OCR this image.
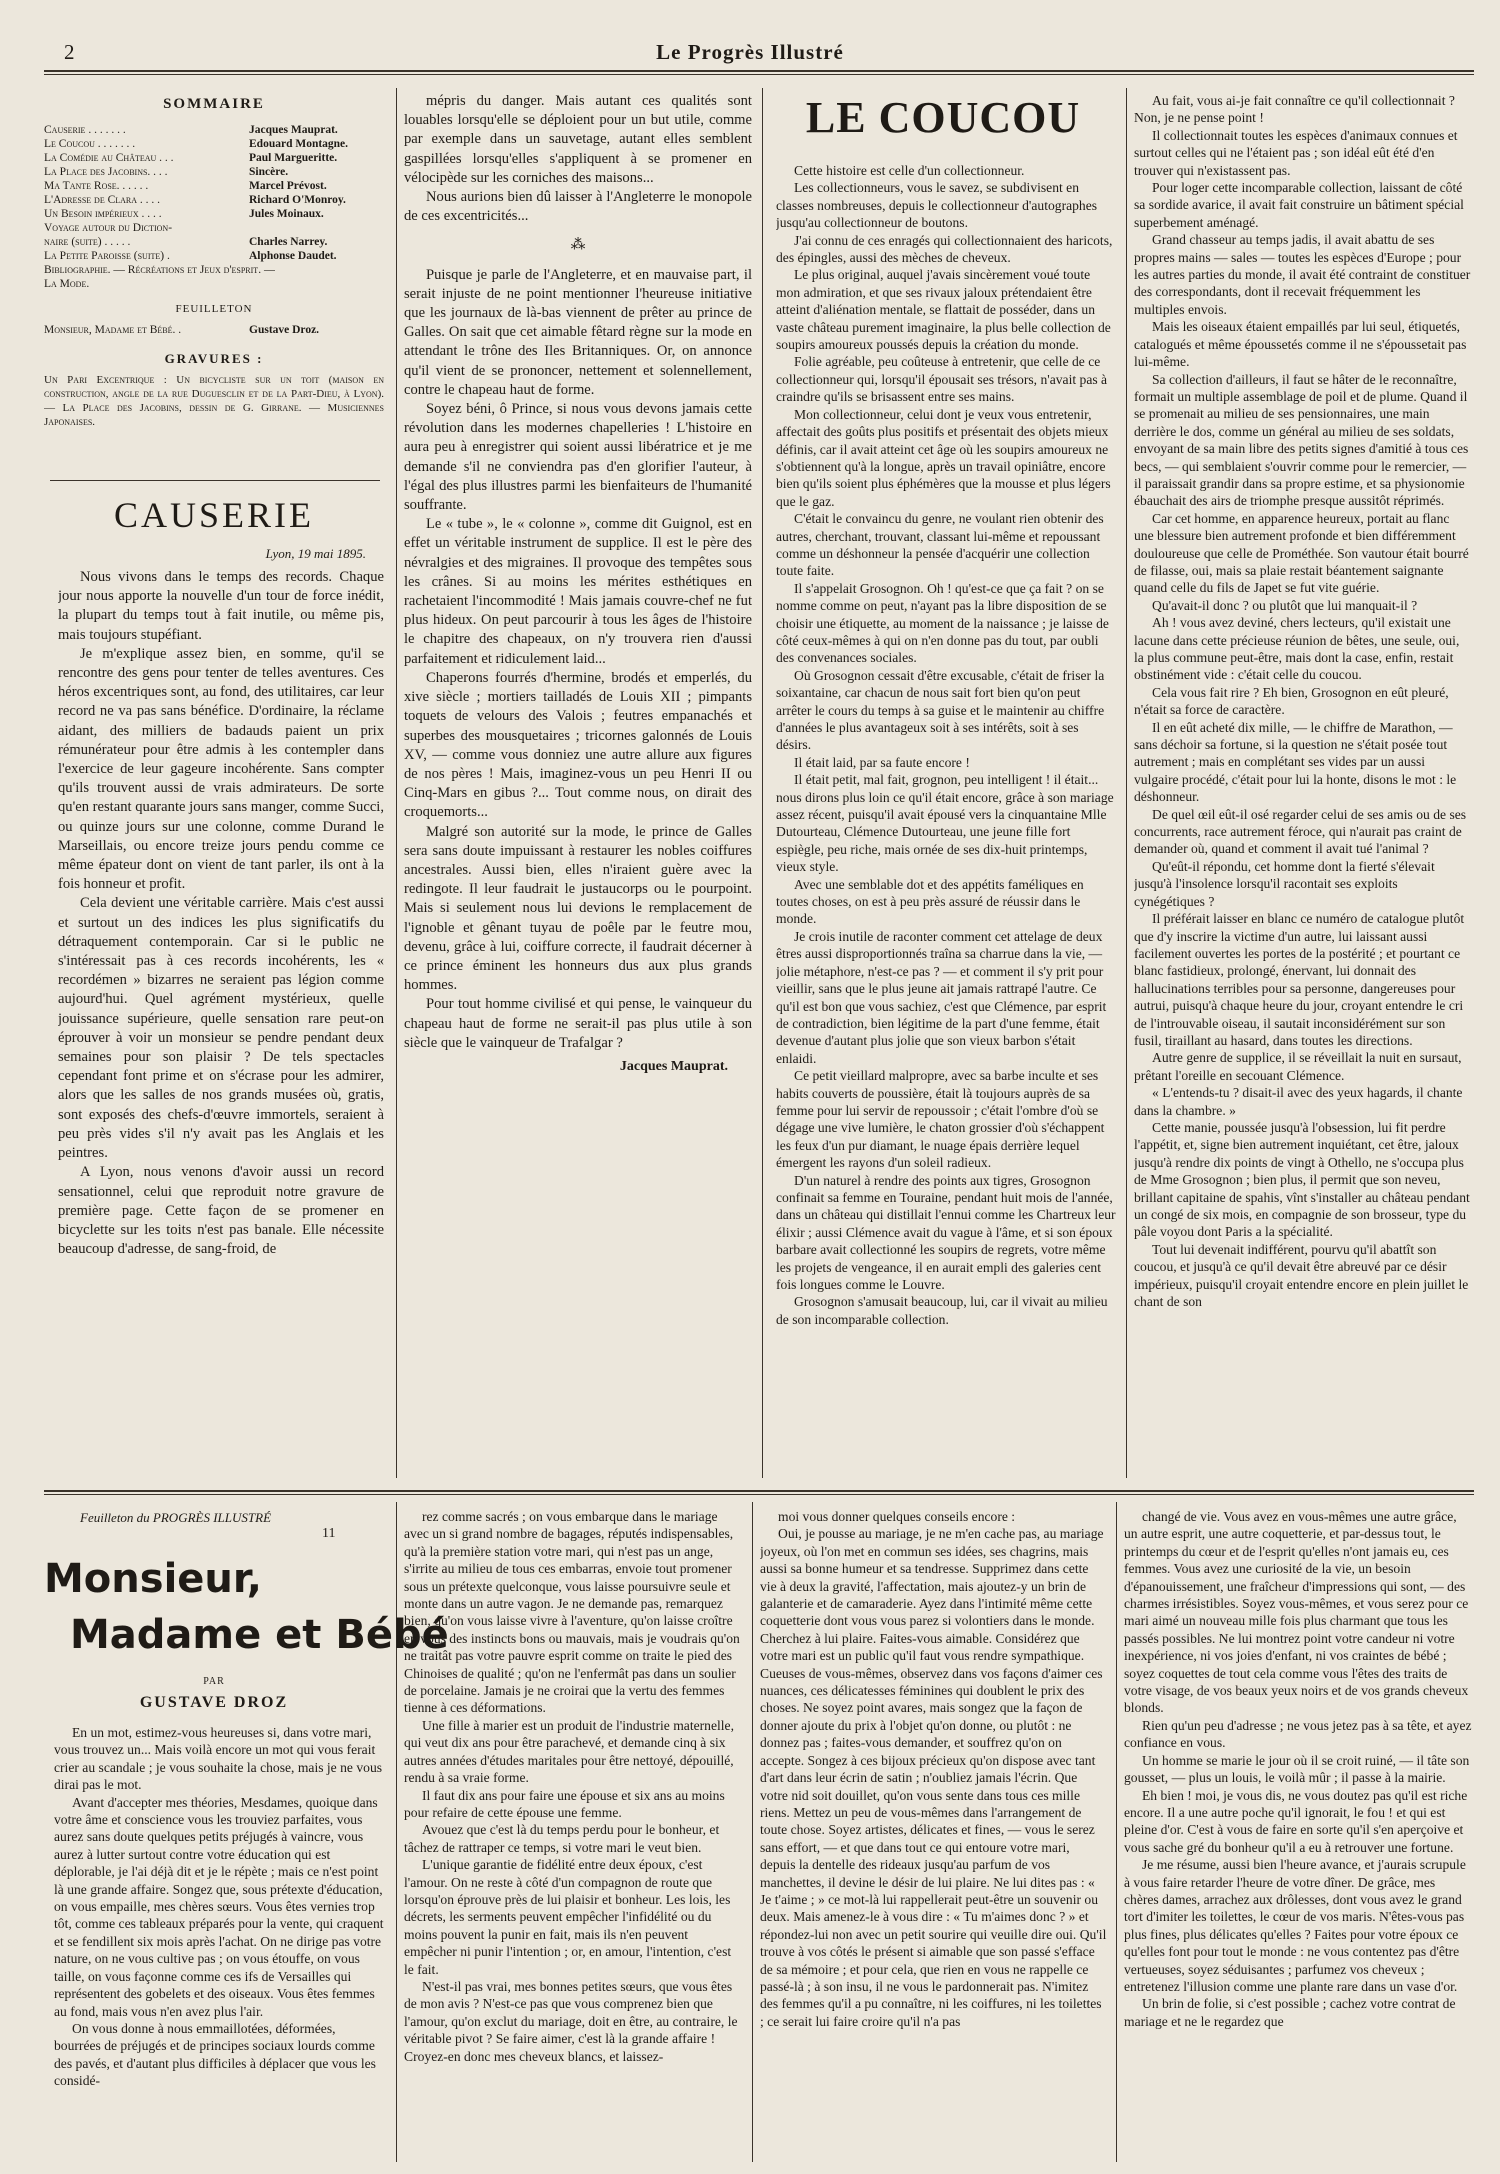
2	Le Progrès Illustré
SOMMAIRE
Causerie . . . . . . .	Jacques Mauprat.
Le Coucou . . . . . . .	Edouard Montagne.
La Comédie au Château . . .	Paul Margueritte.
La Place des Jacobins. . . .	Sincère.
Ma Tante Rose. . . . . .	Marcel Prévost.
L'Adresse de Clara . . . .	Richard O'Monroy.
Un Besoin impérieux . . . .	Jules Moinaux.
Voyage autour du Diction-
naire (suite) . . . . .	Charles Narrey.
La Petite Paroisse (suite) .	Alphonse Daudet.
Bibliographie. — Récréations et Jeux d'esprit. —
La Mode.
FEUILLETON
Monsieur, Madame et Bébé. .	Gustave Droz.
GRAVURES :
Un Pari Excentrique : Un bicycliste sur un toit (maison en construction, angle de la rue Duguesclin et de la Part-Dieu, à Lyon). — La Place des Jacobins, dessin de G. Girrane. — Musiciennes Japonaises.
CAUSERIE
Lyon, 19 mai 1895.

Nous vivons dans le temps des records. Chaque jour nous apporte la nouvelle d'un tour de force inédit, la plupart du temps tout à fait inutile, ou même pis, mais toujours stupéfiant.

Je m'explique assez bien, en somme, qu'il se rencontre des gens pour tenter de telles aventures. Ces héros excentriques sont, au fond, des utilitaires, car leur record ne va pas sans bénéfice. D'ordinaire, la réclame aidant, des milliers de badauds paient un prix rémunérateur pour être admis à les contempler dans l'exercice de leur gageure incohérente. Sans compter qu'ils trouvent aussi de vrais admirateurs. De sorte qu'en restant quarante jours sans manger, comme Succi, ou quinze jours sur une colonne, comme Durand le Marseillais, ou encore treize jours pendu comme ce même épateur dont on vient de tant parler, ils ont à la fois honneur et profit.

Cela devient une véritable carrière. Mais c'est aussi et surtout un des indices les plus significatifs du détraquement contemporain. Car si le public ne s'intéressait pas à ces records incohérents, les « recordémen » bizarres ne seraient pas légion comme aujourd'hui. Quel agrément mystérieux, quelle jouissance supérieure, quelle sensation rare peut-on éprouver à voir un monsieur se pendre pendant deux semaines pour son plaisir ? De tels spectacles cependant font prime et on s'écrase pour les admirer, alors que les salles de nos grands musées où, gratis, sont exposés des chefs-d'œuvre immortels, seraient à peu près vides s'il n'y avait pas les Anglais et les peintres.

A Lyon, nous venons d'avoir aussi un record sensationnel, celui que reproduit notre gravure de première page. Cette façon de se promener en bicyclette sur les toits n'est pas banale. Elle nécessite beaucoup d'adresse, de sang-froid, de

mépris du danger. Mais autant ces qualités sont louables lorsqu'elle se déploient pour un but utile, comme par exemple dans un sauvetage, autant elles semblent gaspillées lorsqu'elles s'appliquent à se promener en vélocipède sur les corniches des maisons...

Nous aurions bien dû laisser à l'Angleterre le monopole de ces excentricités...

⁂

Puisque je parle de l'Angleterre, et en mauvaise part, il serait injuste de ne point mentionner l'heureuse initiative que les journaux de là-bas viennent de prêter au prince de Galles. On sait que cet aimable fêtard règne sur la mode en attendant le trône des Iles Britanniques. Or, on annonce qu'il vient de se prononcer, nettement et solennellement, contre le chapeau haut de forme.

Soyez béni, ô Prince, si nous vous devons jamais cette révolution dans les modernes chapelleries ! L'histoire en aura peu à enregistrer qui soient aussi libératrice et je me demande s'il ne conviendra pas d'en glorifier l'auteur, à l'égal des plus illustres parmi les bienfaiteurs de l'humanité souffrante.

Le « tube », le « colonne », comme dit Guignol, est en effet un véritable instrument de supplice. Il est le père des névralgies et des migraines. Il provoque des tempêtes sous les crânes. Si au moins les mérites esthétiques en rachetaient l'incommodité ! Mais jamais couvre-chef ne fut plus hideux. On peut parcourir à tous les âges de l'histoire le chapitre des chapeaux, on n'y trouvera rien d'aussi parfaitement et ridiculement laid...

Chaperons fourrés d'hermine, brodés et emperlés, du xive siècle ; mortiers tailladés de Louis XII ; pimpants toquets de velours des Valois ; feutres empanachés et superbes des mousquetaires ; tricornes galonnés de Louis XV, — comme vous donniez une autre allure aux figures de nos pères ! Mais, imaginez-vous un peu Henri II ou Cinq-Mars en gibus ?... Tout comme nous, on dirait des croquemorts...

Malgré son autorité sur la mode, le prince de Galles sera sans doute impuissant à restaurer les nobles coiffures ancestrales. Aussi bien, elles n'iraient guère avec la redingote. Il leur faudrait le justaucorps ou le pourpoint. Mais si seulement nous lui devions le remplacement de l'ignoble et gênant tuyau de poêle par le feutre mou, devenu, grâce à lui, coiffure correcte, il faudrait décerner à ce prince éminent les honneurs dus aux plus grands hommes.

Pour tout homme civilisé et qui pense, le vainqueur du chapeau haut de forme ne serait-il pas plus utile à son siècle que le vainqueur de Trafalgar ?

Jacques Mauprat.
LE COUCOU

Cette histoire est celle d'un collectionneur.

Les collectionneurs, vous le savez, se subdivisent en classes nombreuses, depuis le collectionneur d'autographes jusqu'au collectionneur de boutons.

J'ai connu de ces enragés qui collectionnaient des haricots, des épingles, aussi des mèches de cheveux.

Le plus original, auquel j'avais sincèrement voué toute mon admiration, et que ses rivaux jaloux prétendaient être atteint d'aliénation mentale, se flattait de posséder, dans un vaste château purement imaginaire, la plus belle collection de soupirs amoureux poussés depuis la création du monde.

Folie agréable, peu coûteuse à entretenir, que celle de ce collectionneur qui, lorsqu'il épousait ses trésors, n'avait pas à craindre qu'ils se brisassent entre ses mains.

Mon collectionneur, celui dont je veux vous entretenir, affectait des goûts plus positifs et présentait des objets mieux définis, car il avait atteint cet âge où les soupirs amoureux ne s'obtiennent qu'à la longue, après un travail opiniâtre, encore bien qu'ils soient plus éphémères que la mousse et plus légers que le gaz.

C'était le convaincu du genre, ne voulant rien obtenir des autres, cherchant, trouvant, classant lui-même et repoussant comme un déshonneur la pensée d'acquérir une collection toute faite.

Il s'appelait Grosognon. Oh ! qu'est-ce que ça fait ? on se nomme comme on peut, n'ayant pas la libre disposition de se choisir une étiquette, au moment de la naissance ; je laisse de côté ceux-mêmes à qui on n'en donne pas du tout, par oubli des convenances sociales.

Où Grosognon cessait d'être excusable, c'était de friser la soixantaine, car chacun de nous sait fort bien qu'on peut arrêter le cours du temps à sa guise et le maintenir au chiffre d'années le plus avantageux soit à ses intérêts, soit à ses désirs.

Il était laid, par sa faute encore !

Il était petit, mal fait, grognon, peu intelligent ! il était... nous dirons plus loin ce qu'il était encore, grâce à son mariage assez récent, puisqu'il avait épousé vers la cinquantaine Mlle Dutourteau, Clémence Dutourteau, une jeune fille fort espiègle, peu riche, mais ornée de ses dix-huit printemps, vieux style.

Avec une semblable dot et des appétits faméliques en toutes choses, on est à peu près assuré de réussir dans le monde.

Je crois inutile de raconter comment cet attelage de deux êtres aussi disproportionnés traîna sa charrue dans la vie, — jolie métaphore, n'est-ce pas ? — et comment il s'y prit pour vieillir, sans que le plus jeune ait jamais rattrapé l'autre. Ce qu'il est bon que vous sachiez, c'est que Clémence, par esprit de contradiction, bien légitime de la part d'une femme, était devenue d'autant plus jolie que son vieux barbon s'était enlaidi.

Ce petit vieillard malpropre, avec sa barbe inculte et ses habits couverts de poussière, était là toujours auprès de sa femme pour lui servir de repoussoir ; c'était l'ombre d'où se dégage une vive lumière, le chaton grossier d'où s'échappent les feux d'un pur diamant, le nuage épais derrière lequel émergent les rayons d'un soleil radieux.

D'un naturel à rendre des points aux tigres, Grosognon confinait sa femme en Touraine, pendant huit mois de l'année, dans un château qui distillait l'ennui comme les Chartreux leur élixir ; aussi Clémence avait du vague à l'âme, et si son époux barbare avait collectionné les soupirs de regrets, votre même les projets de vengeance, il en aurait empli des galeries cent fois longues comme le Louvre.

Grosognon s'amusait beaucoup, lui, car il vivait au milieu de son incomparable collection.

Au fait, vous ai-je fait connaître ce qu'il collectionnait ? Non, je ne pense point !

Il collectionnait toutes les espèces d'animaux connues et surtout celles qui ne l'étaient pas ; son idéal eût été d'en trouver qui n'existassent pas.

Pour loger cette incomparable collection, laissant de côté sa sordide avarice, il avait fait construire un bâtiment spécial superbement aménagé.

Grand chasseur au temps jadis, il avait abattu de ses propres mains — sales — toutes les espèces d'Europe ; pour les autres parties du monde, il avait été contraint de constituer des correspondants, dont il recevait fréquemment les multiples envois.

Mais les oiseaux étaient empaillés par lui seul, étiquetés, catalogués et même époussetés comme il ne s'époussetait pas lui-même.

Sa collection d'ailleurs, il faut se hâter de le reconnaître, formait un multiple assemblage de poil et de plume. Quand il se promenait au milieu de ses pensionnaires, une main derrière le dos, comme un général au milieu de ses soldats, envoyant de sa main libre des petits signes d'amitié à tous ces becs, — qui semblaient s'ouvrir comme pour le remercier, — il paraissait grandir dans sa propre estime, et sa physionomie ébauchait des airs de triomphe presque aussitôt réprimés.

Car cet homme, en apparence heureux, portait au flanc une blessure bien autrement profonde et bien différemment douloureuse que celle de Prométhée. Son vautour était bourré de filasse, oui, mais sa plaie restait béantement saignante quand celle du fils de Japet se fut vite guérie.

Qu'avait-il donc ? ou plutôt que lui manquait-il ?

Ah ! vous avez deviné, chers lecteurs, qu'il existait une lacune dans cette précieuse réunion de bêtes, une seule, oui, la plus commune peut-être, mais dont la case, enfin, restait obstinément vide : c'était celle du coucou.

Cela vous fait rire ? Eh bien, Grosognon en eût pleuré, n'était sa force de caractère.

Il en eût acheté dix mille, — le chiffre de Marathon, — sans déchoir sa fortune, si la question ne s'était posée tout autrement ; mais en complétant ses vides par un aussi vulgaire procédé, c'était pour lui la honte, disons le mot : le déshonneur.

De quel œil eût-il osé regarder celui de ses amis ou de ses concurrents, race autrement féroce, qui n'aurait pas craint de demander où, quand et comment il avait tué l'animal ?

Qu'eût-il répondu, cet homme dont la fierté s'élevait jusqu'à l'insolence lorsqu'il racontait ses exploits cynégétiques ?

Il préférait laisser en blanc ce numéro de catalogue plutôt que d'y inscrire la victime d'un autre, lui laissant aussi facilement ouvertes les portes de la postérité ; et pourtant ce blanc fastidieux, prolongé, énervant, lui donnait des hallucinations terribles pour sa personne, dangereuses pour autrui, puisqu'à chaque heure du jour, croyant entendre le cri de l'introuvable oiseau, il sautait inconsidérément sur son fusil, tiraillant au hasard, dans toutes les directions.

Autre genre de supplice, il se réveillait la nuit en sursaut, prêtant l'oreille en secouant Clémence.

« L'entends-tu ? disait-il avec des yeux hagards, il chante dans la chambre. »

Cette manie, poussée jusqu'à l'obsession, lui fit perdre l'appétit, et, signe bien autrement inquiétant, cet être, jaloux jusqu'à rendre dix points de vingt à Othello, ne s'occupa plus de Mme Grosognon ; bien plus, il permit que son neveu, brillant capitaine de spahis, vînt s'installer au château pendant un congé de six mois, en compagnie de son brosseur, type du pâle voyou dont Paris a la spécialité.

Tout lui devenait indifférent, pourvu qu'il abattît son coucou, et jusqu'à ce qu'il devait être abreuvé par ce désir impérieux, puisqu'il croyait entendre encore en plein juillet le chant de son

Feuilleton du PROGRÈS ILLUSTRÉ
11
Monsieur,
Madame et Bébé
PAR
GUSTAVE DROZ

En un mot, estimez-vous heureuses si, dans votre mari, vous trouvez un... Mais voilà encore un mot qui vous ferait crier au scandale ; je vous souhaite la chose, mais je ne vous dirai pas le mot.

Avant d'accepter mes théories, Mesdames, quoique dans votre âme et conscience vous les trouviez parfaites, vous aurez sans doute quelques petits préjugés à vaincre, vous aurez à lutter surtout contre votre éducation qui est déplorable, je l'ai déjà dit et je le répète ; mais ce n'est point là une grande affaire. Songez que, sous prétexte d'éducation, on vous empaille, mes chères sœurs. Vous êtes vernies trop tôt, comme ces tableaux préparés pour la vente, qui craquent et se fendillent six mois après l'achat. On ne dirige pas votre nature, on ne vous cultive pas ; on vous étouffe, on vous taille, on vous façonne comme ces ifs de Versailles qui représentent des gobelets et des oiseaux. Vous êtes femmes au fond, mais vous n'en avez plus l'air.

On vous donne à nous emmaillotées, déformées, bourrées de préjugés et de principes sociaux lourds comme des pavés, et d'autant plus difficiles à déplacer que vous les considé-

rez comme sacrés ; on vous embarque dans le mariage avec un si grand nombre de bagages, réputés indispensables, qu'à la première station votre mari, qui n'est pas un ange, s'irrite au milieu de tous ces embarras, envoie tout promener sous un prétexte quelconque, vous laisse poursuivre seule et monte dans un autre vagon. Je ne demande pas, remarquez bien, qu'on vous laisse vivre à l'aventure, qu'on laisse croître en vous des instincts bons ou mauvais, mais je voudrais qu'on ne traitât pas votre pauvre esprit comme on traite le pied des Chinoises de qualité ; qu'on ne l'enfermât pas dans un soulier de porcelaine. Jamais je ne croirai que la vertu des femmes tienne à ces déformations.

Une fille à marier est un produit de l'industrie maternelle, qui veut dix ans pour être parachevé, et demande cinq à six autres années d'études maritales pour être nettoyé, dépouillé, rendu à sa vraie forme.

Il faut dix ans pour faire une épouse et six ans au moins pour refaire de cette épouse une femme.

Avouez que c'est là du temps perdu pour le bonheur, et tâchez de rattraper ce temps, si votre mari le veut bien.

L'unique garantie de fidélité entre deux époux, c'est l'amour. On ne reste à côté d'un compagnon de route que lorsqu'on éprouve près de lui plaisir et bonheur. Les lois, les décrets, les serments peuvent empêcher l'infidélité ou du moins pouvent la punir en fait, mais ils n'en peuvent empêcher ni punir l'intention ; or, en amour, l'intention, c'est le fait.

N'est-il pas vrai, mes bonnes petites sœurs, que vous êtes de mon avis ? N'est-ce pas que vous comprenez bien que l'amour, qu'on exclut du mariage, doit en être, au contraire, le véritable pivot ? Se faire aimer, c'est là la grande affaire ! Croyez-en donc mes cheveux blancs, et laissez-

moi vous donner quelques conseils encore :

Oui, je pousse au mariage, je ne m'en cache pas, au mariage joyeux, où l'on met en commun ses idées, ses chagrins, mais aussi sa bonne humeur et sa tendresse. Supprimez dans cette vie à deux la gravité, l'affectation, mais ajoutez-y un brin de galanterie et de camaraderie. Ayez dans l'intimité même cette coquetterie dont vous vous parez si volontiers dans le monde. Cherchez à lui plaire. Faites-vous aimable. Considérez que votre mari est un public qu'il faut vous rendre sympathique. Cueuses de vous-mêmes, observez dans vos façons d'aimer ces nuances, ces délicatesses féminines qui doublent le prix des choses. Ne soyez point avares, mais songez que la façon de donner ajoute du prix à l'objet qu'on donne, ou plutôt : ne donnez pas ; faites-vous demander, et souffrez qu'on on accepte. Songez à ces bijoux précieux qu'on dispose avec tant d'art dans leur écrin de satin ; n'oubliez jamais l'écrin. Que votre nid soit douillet, qu'on vous sente dans tous ces mille riens. Mettez un peu de vous-mêmes dans l'arrangement de toute chose. Soyez artistes, délicates et fines, — vous le serez sans effort, — et que dans tout ce qui entoure votre mari, depuis la dentelle des rideaux jusqu'au parfum de vos manchettes, il devine le désir de lui plaire. Ne lui dites pas : « Je t'aime ; » ce mot-là lui rappellerait peut-être un souvenir ou deux. Mais amenez-le à vous dire : « Tu m'aimes donc ? » et répondez-lui non avec un petit sourire qui veuille dire oui. Qu'il trouve à vos côtés le présent si aimable que son passé s'efface de sa mémoire ; et pour cela, que rien en vous ne rappelle ce passé-là ; à son insu, il ne vous le pardonnerait pas. N'imitez des femmes qu'il a pu connaître, ni les coiffures, ni les toilettes ; ce serait lui faire croire qu'il n'a pas

changé de vie. Vous avez en vous-mêmes une autre grâce, un autre esprit, une autre coquetterie, et par-dessus tout, le printemps du cœur et de l'esprit qu'elles n'ont jamais eu, ces femmes. Vous avez une curiosité de la vie, un besoin d'épanouissement, une fraîcheur d'impressions qui sont, — des charmes irrésistibles. Soyez vous-mêmes, et vous serez pour ce mari aimé un nouveau mille fois plus charmant que tous les passés possibles. Ne lui montrez point votre candeur ni votre inexpérience, ni vos joies d'enfant, ni vos craintes de bébé ; soyez coquettes de tout cela comme vous l'êtes des traits de votre visage, de vos beaux yeux noirs et de vos grands cheveux blonds.

Rien qu'un peu d'adresse ; ne vous jetez pas à sa tête, et ayez confiance en vous.

Un homme se marie le jour où il se croit ruiné, — il tâte son gousset, — plus un louis, le voilà mûr ; il passe à la mairie.

Eh bien ! moi, je vous dis, ne vous doutez pas qu'il est riche encore. Il a une autre poche qu'il ignorait, le fou ! et qui est pleine d'or. C'est à vous de faire en sorte qu'il s'en aperçoive et vous sache gré du bonheur qu'il a eu à retrouver une fortune.

Je me résume, aussi bien l'heure avance, et j'aurais scrupule à vous faire retarder l'heure de votre dîner. De grâce, mes chères dames, arrachez aux drôlesses, dont vous avez le grand tort d'imiter les toilettes, le cœur de vos maris. N'êtes-vous pas plus fines, plus délicates qu'elles ? Faites pour votre époux ce qu'elles font pour tout le monde : ne vous contentez pas d'être vertueuses, soyez séduisantes ; parfumez vos cheveux ; entretenez l'illusion comme une plante rare dans un vase d'or.

Un brin de folie, si c'est possible ; cachez votre contrat de mariage et ne le regardez que
